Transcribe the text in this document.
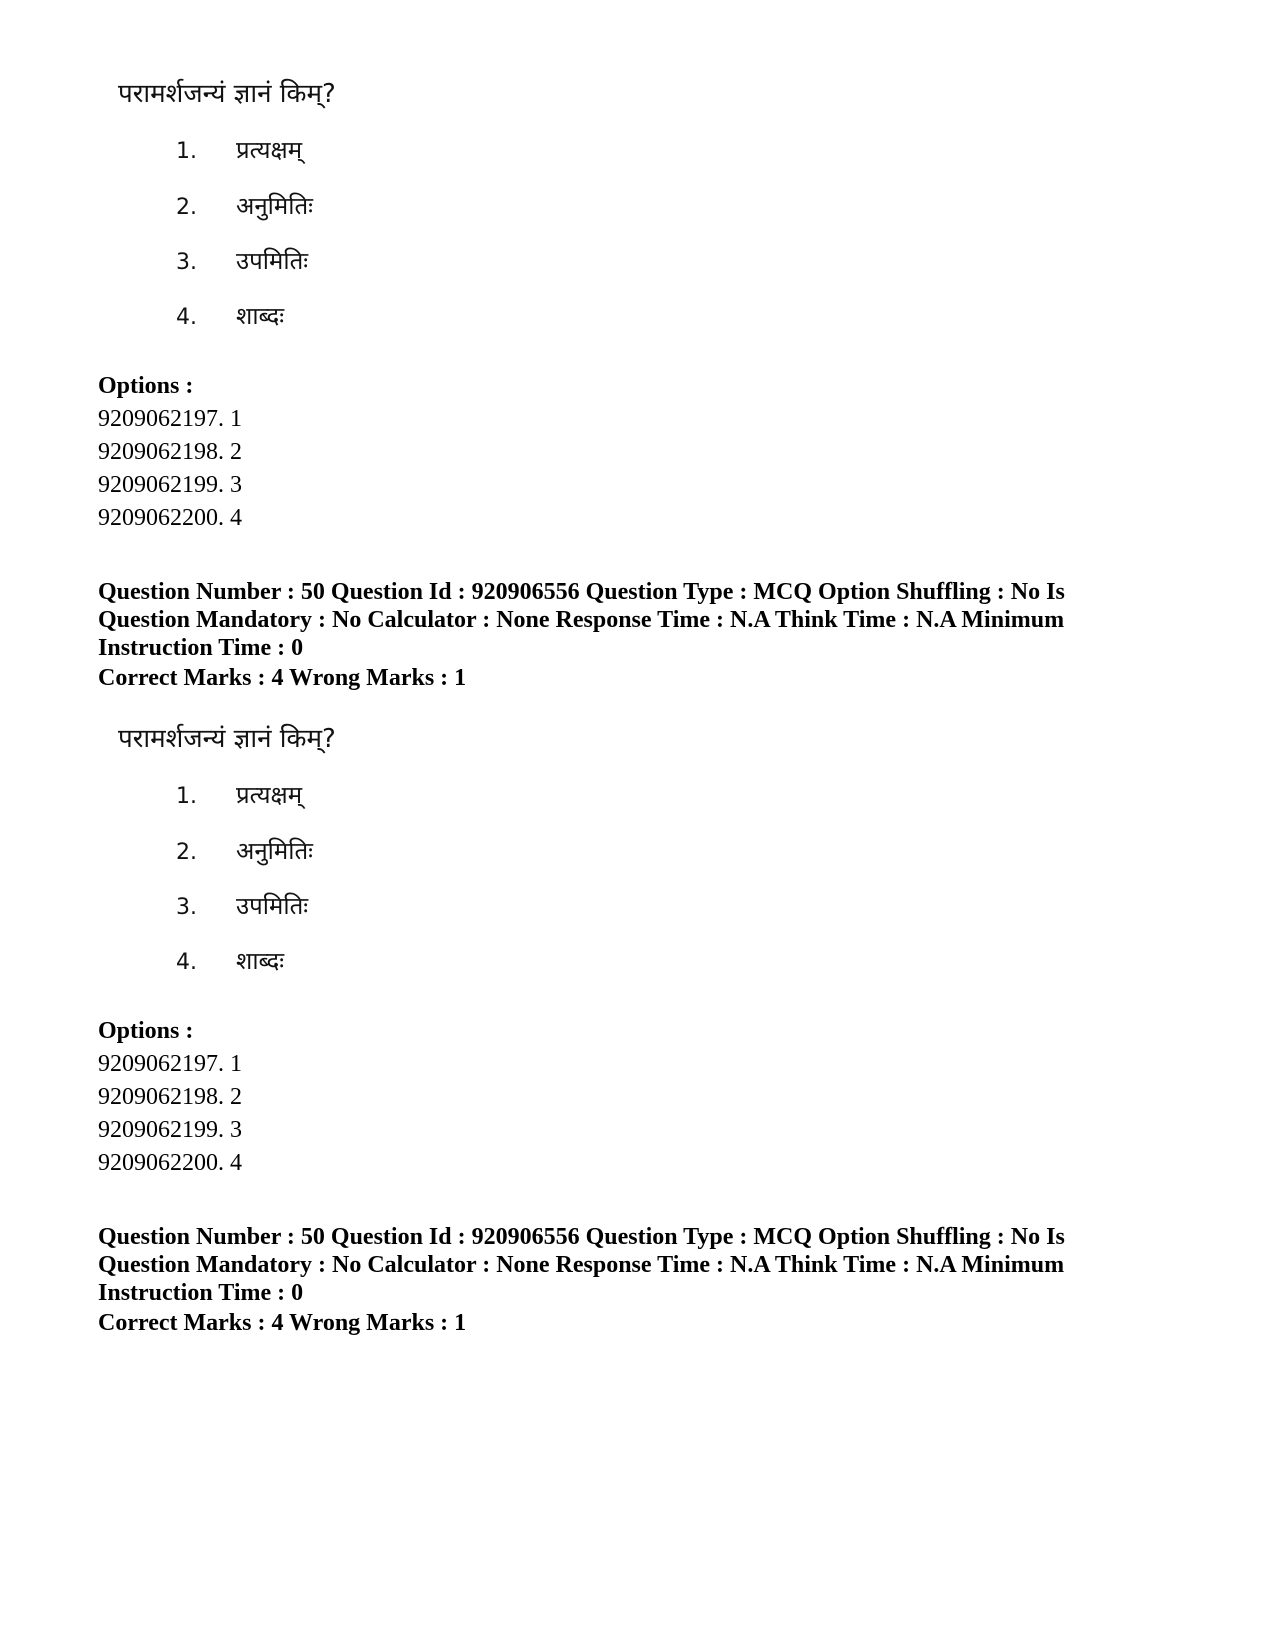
परामर्शजन्यं ज्ञानं किम्?

1.	प्रत्यक्षम्
2.	अनुमितिः
3.	उपमितिः
4.	शाब्दः

Options :

9209062197. 1
9209062198. 2
9209062199. 3
9209062200. 4

Question Number : 50 Question Id : 920906556 Question Type : MCQ Option Shuffling : No Is Question Mandatory : No Calculator : None Response Time : N.A Think Time : N.A Minimum Instruction Time : 0

Correct Marks : 4 Wrong Marks : 1

परामर्शजन्यं ज्ञानं किम्?

1.	प्रत्यक्षम्
2.	अनुमितिः
3.	उपमितिः
4.	शाब्दः

Options :

9209062197. 1
9209062198. 2
9209062199. 3
9209062200. 4

Question Number : 50 Question Id : 920906556 Question Type : MCQ Option Shuffling : No Is Question Mandatory : No Calculator : None Response Time : N.A Think Time : N.A Minimum Instruction Time : 0

Correct Marks : 4 Wrong Marks : 1
